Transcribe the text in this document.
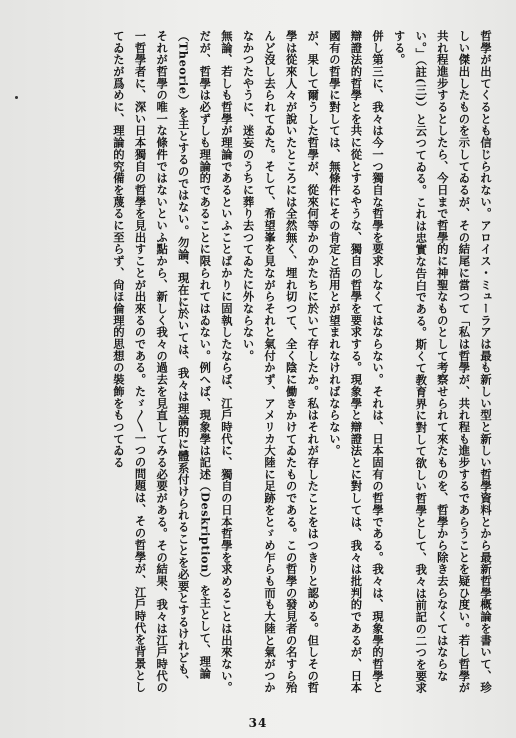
哲學が出てくるとも信じられない。アロイス・ミューラアは最も新しい型と新しい哲學資料とから最新哲學概論を書いて、珍しい傑出したものを示してゐるが、その結尾に當つて「私は哲學が、共れ程も進步するであらうことを疑ひ度い。若し哲學が共れ程進步するとしたら、今日まで哲學的に神聖なものとして考察せられて來たものを、哲學から除き去らなくてはならない。」（註(三)）と云つてゐる。これは忠實な告白である。斯くて教育界に對して欲しい哲學として、我々は前記の二つを要求する。

併し第三に、我々は今一つ獨自な哲學を要求しなくてはならない。それは、日本固有の哲學である。我々は、現象學的哲學と辯證法的哲學とを共に從とするやうな、獨自の哲學を要求する。現象學と辯證法とに對しては、我々は批判的であるが、日本國有の哲學に對しては、無條件にその肯定と活用とが望まれなければならない。

が、果して爾うした哲學が、從來何等かのかたちに於いて存したか。私はそれが存したことをはつきりと認める。但しその哲學は從來人々が說いたところには全然無く、埋れ切つて、全く陰に働きかけてゐたものである。この哲學の發見者の名すら殆んど沒し去られてゐた。そして、希望峯を見ながらそれと氣付かず、アメリカ大陸に足跡をとゞめ乍らも而も大陸と氣がつかなかつたやうに、迷妄のうちに葬り去つてゐたに外ならない。

無論、若しも哲學が理論であるといふことばかりに固執したならば、江戶時代に、獨自の日本哲學を求めることは出來ない。だが、哲學は必ずしも理論的であることに限られてはゐない。例へば、現象學は記述（Deskription）を主として、理論（Theorie）を主とするのではない。勿論、現在に於いては、我々は理論的に體系付けられることを必要とするけれども、それが哲學の唯一な條件ではないといふ點から、新しく我々の過去を見直してみる必要がある。その結果、我々は江戶時代の一哲學者に、深い日本獨自の哲學を見出すことが出來るのである。たゞ〳〵一つの問題は、その哲學が、江戶時代を背景としてゐたが爲めに、理論的究備を蔑るに至らず、尙ほ倫理的思想の裝飾をもつてゐる

34
